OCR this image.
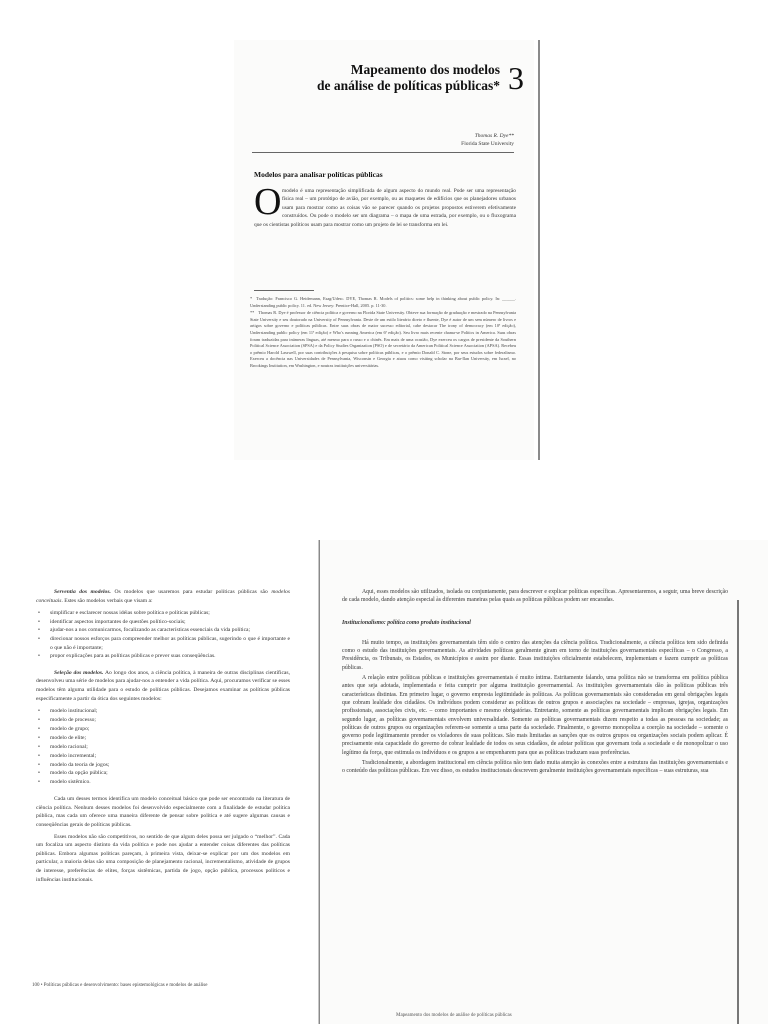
Mapeamento dos modelos
de análise de políticas públicas* 3
Thomas R. Dye**
Florida State University
Modelos para analisar políticas públicas
O modelo é uma representação simplificada de algum aspecto do mundo real. Pode ser uma representação física real – um protótipo de avião, por exemplo, ou as maquetes de edifícios que os planejadores urbanos usam para mostrar como as coisas vão se parecer quando os projetos propostos estiverem efetivamente construídos. Ou pode o modelo ser um diagrama – o mapa de uma estrada, por exemplo, ou o fluxograma que os cientistas políticos usam para mostrar como um projeto de lei se transforma em lei.

* Tradução: Francisco G. Heidemann, Esag/Udesc. DYE, Thomas R. Models of politics: some help in thinking about public policy. In: ______. Understanding public policy. 11. ed. New Jersey: Prentice-Hall, 2005. p. 11-30.

** Thomas R. Dye é professor de ciência política e governo na Florida State University. Obteve sua formação de graduação e mestrado na Pennsylvania State University e seu doutorado na University of Pennsylvania. Deste de um estilo literário direto e fluente, Dye é autor de um sem número de livros e artigos sobre governo e políticas públicas. Entre suas obras de maior sucesso editorial, cabe destacar The irony of democracy (em 10ª edição), Understanding public policy (em 11ª edição) e Who's running America (em 6ª edição). Seu livro mais recente chama-se Politics in America. Suas obras foram traduzidas para inúmeras línguas, até mesmo para o russo e o chinês. Em mais de uma ocasião, Dye exerceu os cargos de presidente da Southern Political Science Association (SPSA) e da Policy Studies Organization (PSO) e de secretário da American Political Science Association (APSA). Recebeu o prêmio Harold Lasswell, por suas contribuições à pesquisa sobre políticas públicas, e o prêmio Donald C. Stone, por seus estudos sobre federalismo. Exerceu a docência nas Universidades de Pennsylvania, Wisconsin e Georgia e atuou como visiting scholar na Bar-Ilan University, em Israel, no Brookings Institution, em Washington, e noutras instituições universitárias.

Serventia dos modelos. Os modelos que usaremos para estudar políticas públicas são modelos conceituais. Estes são modelos verbais que visam a:

• simplificar e esclarecer nossas idéias sobre política e políticas públicas;
• identificar aspectos importantes de questões político-sociais;
• ajudar-nos a nos comunicarmos, focalizando as características essenciais da vida política;
• direcionar nossos esforços para compreender melhor as políticas públicas, sugerindo o que é importante e o que não é importante;
• propor explicações para as políticas públicas e prever suas conseqüências.

Seleção dos modelos. Ao longo dos anos, a ciência política, à maneira de outras disciplinas científicas, desenvolveu uma série de modelos para ajudar-nos a entender a vida política. Aqui, procuramos verificar se esses modelos têm alguma utilidade para o estudo de políticas públicas. Desejamos examinar as políticas públicas especificamente a partir da ótica dos seguintes modelos:

• modelo institucional;
• modelo de processo;
• modelo de grupo;
• modelo de elite;
• modelo racional;
• modelo incremental;
• modelo da teoria de jogos;
• modelo da opção pública;
• modelo sistêmico.

Cada um desses termos identifica um modelo conceitual básico que pode ser encontrado na literatura de ciência política. Nenhum desses modelos foi desenvolvido especialmente com a finalidade de estudar política pública, mas cada um oferece uma maneira diferente de pensar sobre política e até sugere algumas causas e conseqüências gerais de políticas públicas.

Esses modelos não são competitivos, no sentido de que algum deles possa ser julgado o “melhor”. Cada um focaliza um aspecto distinto da vida política e pode nos ajudar a entender coisas diferentes das políticas públicas. Embora algumas políticas pareçam, à primeira vista, deixar-se explicar por um dos modelos em particular, a maioria delas são uma composição de planejamento racional, incrementalismo, atividade de grupos de interesse, preferências de elites, forças sistêmicas, partida de jogo, opção pública, processos políticos e influências institucionais.

100 • Políticas públicas e desenvolvimento: bases epistemológicas e modelos de análise

Aqui, esses modelos são utilizados, isolada ou conjuntamente, para descrever e explicar políticas específicas. Apresentaremos, a seguir, uma breve descrição de cada modelo, dando atenção especial às diferentes maneiras pelas quais as políticas públicas podem ser encaradas.

Institucionalismo: política como produto institucional

Há muito tempo, as instituições governamentais têm sido o centro das atenções da ciência política. Tradicionalmente, a ciência política tem sido definida como o estudo das instituições governamentais. As atividades políticas geralmente giram em torno de instituições governamentais específicas – o Congresso, a Presidência, os Tribunais, os Estados, os Municípios e assim por diante. Essas instituições oficialmente estabelecem, implementam e fazem cumprir as políticas públicas.

A relação entre políticas públicas e instituições governamentais é muito íntima. Estritamente falando, uma política não se transforma em política pública antes que seja adotada, implementada e feita cumprir por alguma instituição governamental. As instituições governamentais dão às políticas públicas três características distintas. Em primeiro lugar, o governo empresta legitimidade às políticas. As políticas governamentais são consideradas em geral obrigações legais que cobram lealdade dos cidadãos. Os indivíduos podem considerar as políticas de outros grupos e associações na sociedade – empresas, igrejas, organizações profissionais, associações civis, etc. – como importantes e mesmo obrigatórias. Entretanto, somente as políticas governamentais implicam obrigações legais. Em segundo lugar, as políticas governamentais envolvem universalidade. Somente as políticas governamentais dizem respeito a todas as pessoas na sociedade; as políticas de outros grupos ou organizações referem-se somente a uma parte da sociedade. Finalmente, o governo monopoliza a coerção na sociedade – somente o governo pode legitimamente prender os violadores de suas políticas. São mais limitadas as sanções que os outros grupos ou organizações sociais podem aplicar. É precisamente esta capacidade do governo de cobrar lealdade de todos os seus cidadãos, de adotar políticas que governam toda a sociedade e de monopolizar o uso legítimo da força, que estimula os indivíduos e os grupos a se empenharem para que as políticas traduzam suas preferências.

Tradicionalmente, a abordagem institucional em ciência política não tem dado muita atenção às conexões entre a estrutura das instituições governamentais e o conteúdo das políticas públicas. Em vez disso, os estudos institucionais descrevem geralmente instituições governamentais específicas – suas estruturas, sua

Mapeamento dos modelos de análise de políticas públicas
